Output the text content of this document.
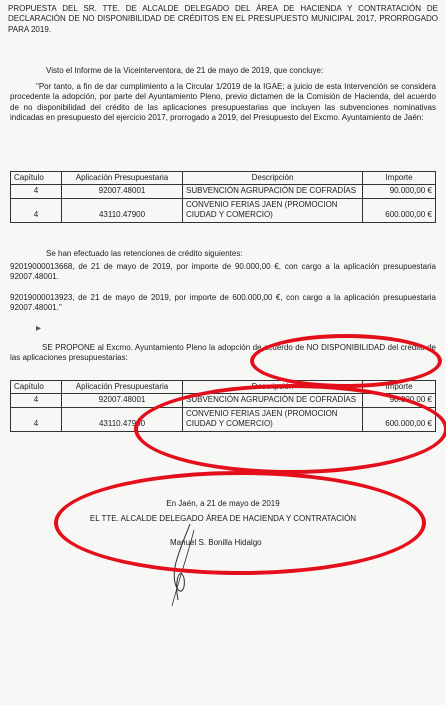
PROPUESTA DEL SR. TTE. DE ALCALDE DELEGADO DEL ÁREA DE HACIENDA Y CONTRATACIÓN DE DECLARACIÓN DE NO DISPONIBILIDAD DE CRÉDITOS EN EL PRESUPUESTO MUNICIPAL 2017, PRORROGADO PARA 2019.

Visto el Informe de la Viceinterventora, de 21 de mayo de 2019, que concluye:

"Por tanto, a fin de dar cumplimiento a la Circular 1/2019 de la IGAE; a juicio de esta Intervención se considera procedente la adopción, por parte del Ayuntamiento Pleno, previo dictamen de la Comisión de Hacienda, del acuerdo de no disponibilidad del crédito de las aplicaciones presupuestarias que incluyen las subvenciones nominativas indicadas en presupuesto del ejercicio 2017, prorrogado a 2019, del Presupuesto del Excmo. Ayuntamiento de Jaén:

Capítulo	Aplicación Presupuestaria	Descripción	Importe
4	92007.48001	SUBVENCIÓN AGRUPACIÓN DE COFRADÍAS	90.000,00 €
4	43110.47900	CONVENIO FERIAS JAEN (PROMOCION CIUDAD Y COMERCIO)	600.000,00 €

Se han efectuado las retenciones de crédito siguientes:

92019000013668, de 21 de mayo de 2019, por importe de 90.000,00 €, con cargo a la aplicación presupuestaria 92007.48001.

92019000013923, de 21 de mayo de 2019, por importe de 600.000,00 €, con cargo a la aplicación presupuestaria 92007.48001."

▸

SE PROPONE al Excmo. Ayuntamiento Pleno la adopción de acuerdo de NO DISPONIBILIDAD del crédito de las aplicaciones presupuestarias:

Capítulo	Aplicación Presupuestaria	Descripción	Importe
4	92007.48001	SUBVENCIÓN AGRUPACIÓN DE COFRADÍAS	90.000,00 €
4	43110.47900	CONVENIO FERIAS JAEN (PROMOCION CIUDAD Y COMERCIO)	600.000,00 €

En Jaén, a 21 de mayo de 2019

EL TTE. ALCALDE DELEGADO ÁREA DE HACIENDA Y CONTRATACIÓN

Manuel S. Bonilla Hidalgo
